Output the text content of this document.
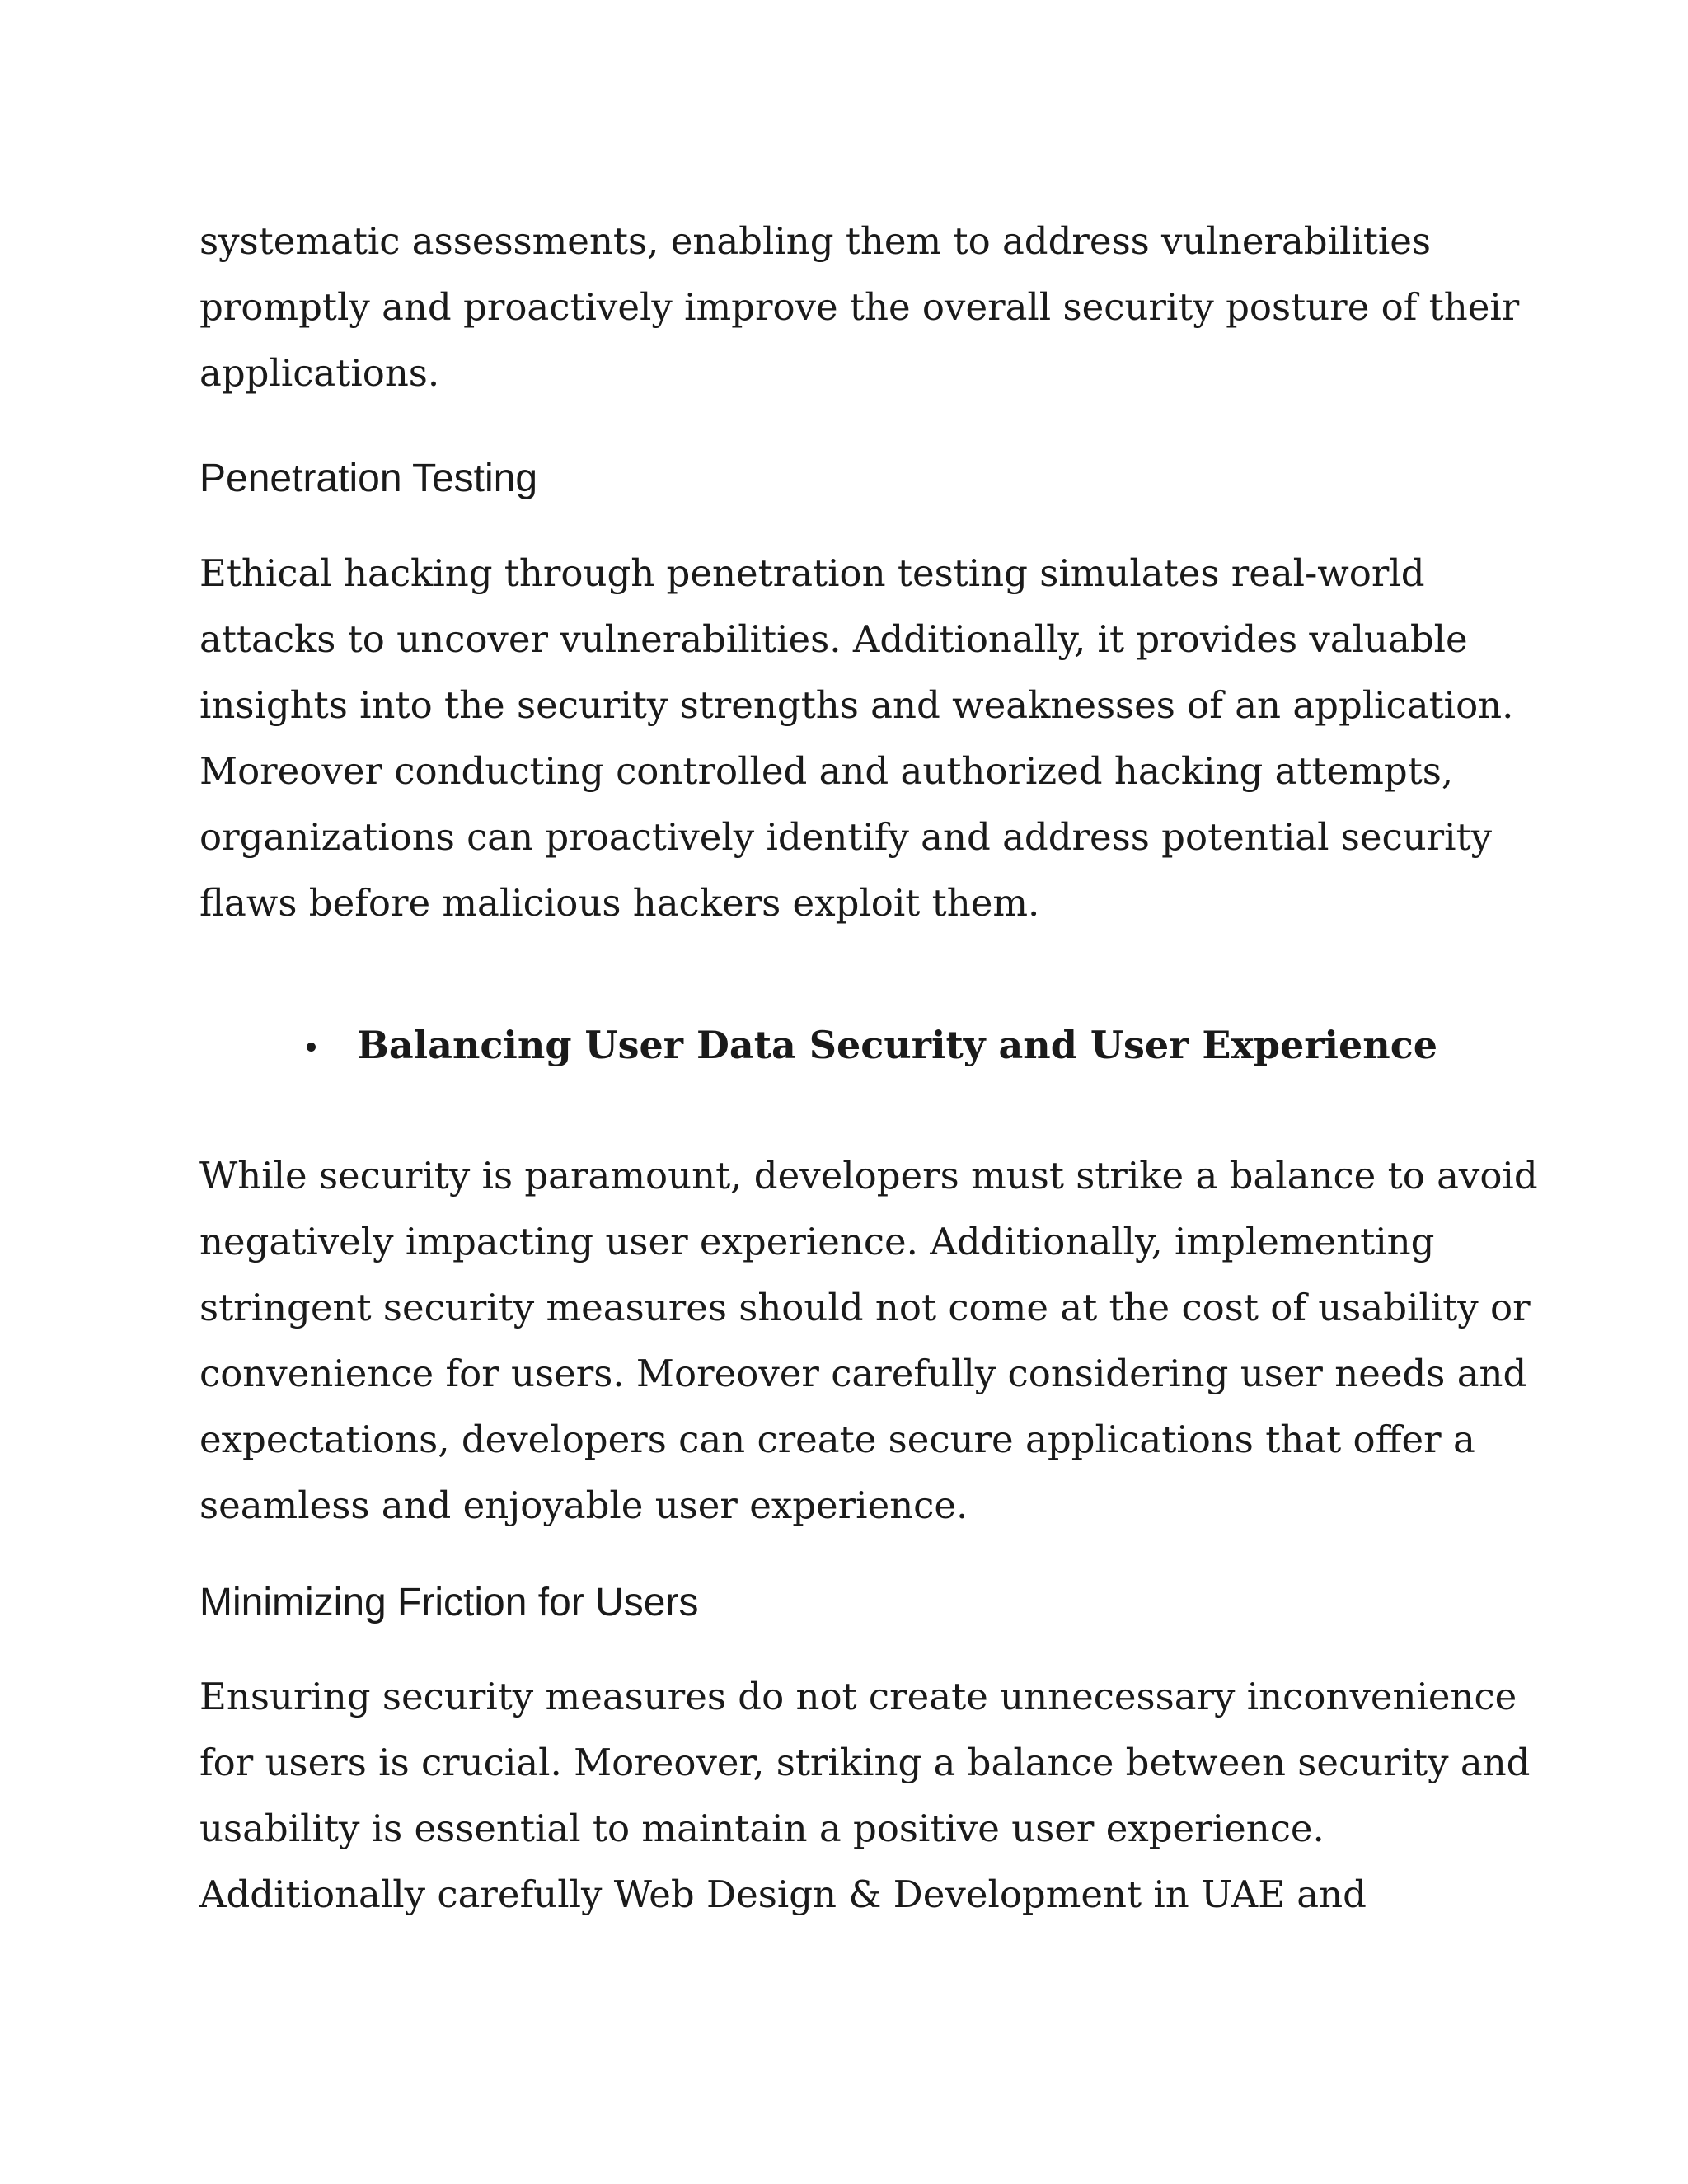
systematic assessments, enabling them to address vulnerabilities
promptly and proactively improve the overall security posture of their
applications.
Penetration Testing
Ethical hacking through penetration testing simulates real-world
attacks to uncover vulnerabilities. Additionally, it provides valuable
insights into the security strengths and weaknesses of an application.
Moreover conducting controlled and authorized hacking attempts,
organizations can proactively identify and address potential security
flaws before malicious hackers exploit them.
Balancing User Data Security and User Experience
While security is paramount, developers must strike a balance to avoid
negatively impacting user experience. Additionally, implementing
stringent security measures should not come at the cost of usability or
convenience for users. Moreover carefully considering user needs and
expectations, developers can create secure applications that offer a
seamless and enjoyable user experience.
Minimizing Friction for Users
Ensuring security measures do not create unnecessary inconvenience
for users is crucial. Moreover, striking a balance between security and
usability is essential to maintain a positive user experience.
Additionally carefully Web Design & Development in UAE and
